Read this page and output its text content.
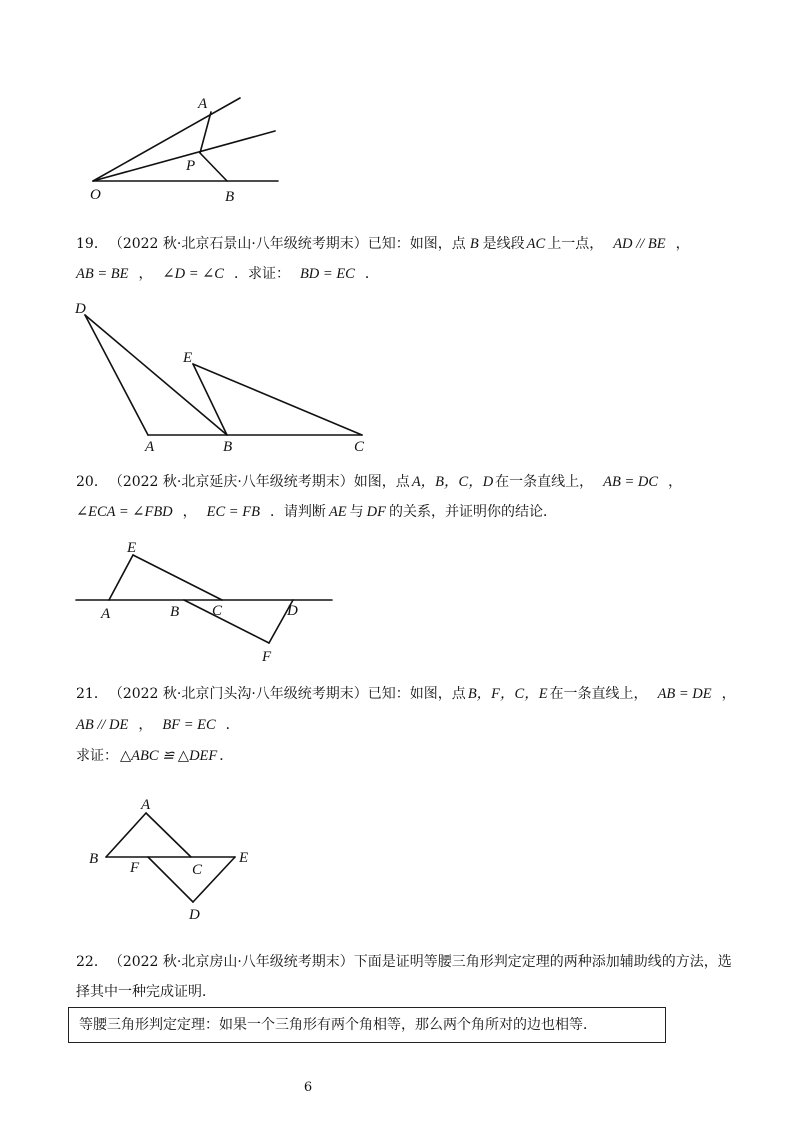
A
P
O	B
19． （2022 秋·北京石景山·八年级统考期末）已知：如图，点 B 是线段 AC 上一点， AD // BE ，
AB = BE ， ∠D = ∠C ．求证： BD = EC ．
D
E
A	B	C
20． （2022 秋·北京延庆·八年级统考期末）如图，点 A，B，C，D 在一条直线上， AB = DC ，
∠ECA = ∠FBD ， EC = FB ．请判断 AE 与 DF 的关系，并证明你的结论．
E
A	B C	D
F
21． （2022 秋·北京门头沟·八年级统考期末）已知：如图，点 B，F，C，E 在一条直线上， AB = DE ，
AB // DE ， BF = EC ．
求证： △ABC ≌ △DEF ．
A
B
F	C
E
D
22． （2022 秋·北京房山·八年级统考期末）下面是证明等腰三角形判定定理的两种添加辅助线的方法，选
择其中一种完成证明．
等腰三角形判定定理：如果一个三角形有两个角相等，那么两个角所对的边也相等．
6
